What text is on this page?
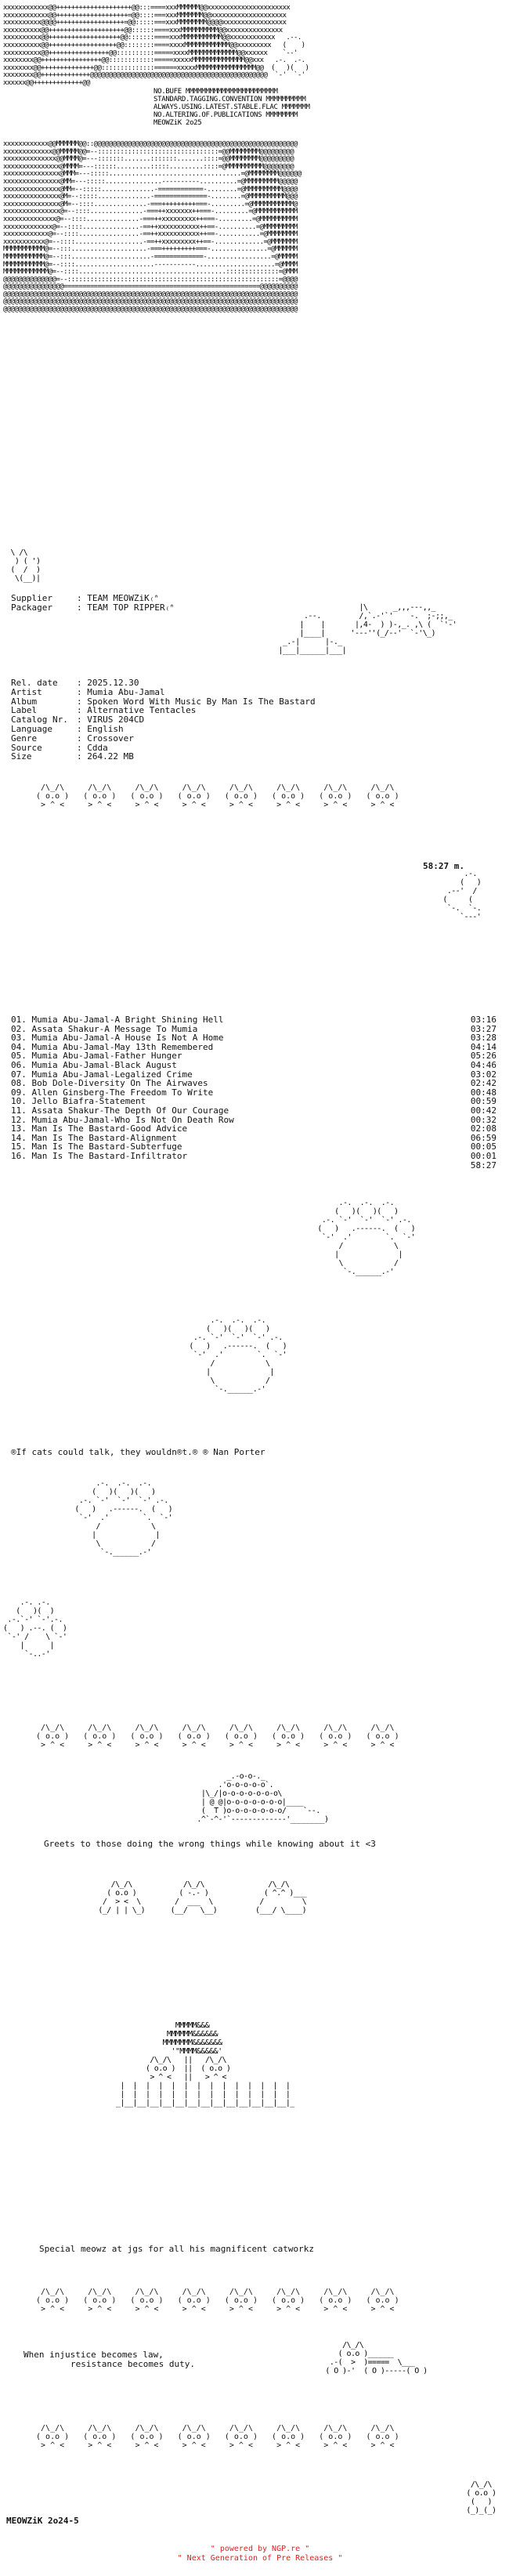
xxxxxxxxxxxx@@++++++++++++++++++++@@:::====xxxMMMMMM@@xxxxxxxxxxxxxxxxxxxxxx
xxxxxxxxxxxx@@+++++++++++++++++++=@@::::===xxxMMMMMMM@@xxxxxxxxxxxxxxxxxxxx
xxxxxxxxxx@@@@++++++++++++++++++=@@:::::===xxxMMMMMMMM@@@@xxxxxxxxxxxxxxxxx
xxxxxxxxxx@@++++++++++++++++++++@@::::::====xxxMMMMMMMMMM@@xxxxxxxxxxxxxxx
xxxxxxxxxx@@+++++++++++++++++++@@:::::::====xxxMMMMMMMMMMM@@xxxxxxxxxxxx   .--.
xxxxxxxxxx@@++++++++++++++++++@@::::::::====xxxxMMMMMMMMMMMM@@xxxxxxxxx   (    )
xxxxxxxxxx@@++++++++++++++++@@::::::::::=====xxxxMMMMMMMMMMMMM@@xxxxxx    `--'
xxxxxxxx@@++++++++++++++++@@::::::::::::=====xxxxxMMMMMMMMMMMMMM@@xxx   .-.  .-.
xxxxxxxx@@++++++++++++++@@::::::::::::::======xxxxxMMMMMMMMMMMMMMMM@@  (   )(   )
xxxxxxxx@@+++++++++++++@@@@@@@@@@@@@@@@@@@@@@@@@@@@@@@@@@@@@@@@@@@@@@@  `-'  `-'
xxxxxx@@+++++++++++++@@
NO.BUFE MMMMMMMMMMMMMMMMMMMMMMM
STANDARD.TAGGING.CONVENTION MMMMMMMMMM
ALWAYS.USING.LATEST.STABLE.FLAC MMMMMMM
NO.ALTERING.OF.PUBLICATIONS MMMMMMMM
MEOWZiK 2o25
xxxxxxxxxxxx@@MMMMMM@@::@@@@@@@@@@@@@@@@@@@@@@@@@@@@@@@@@@@@@@@@@@@@@@@@@@@@@@
xxxxxxxxxxxxx@@MMMMM@@=--::::::::::::::::::::::::::::::::=@@MMMMMMMM@@@@@@@@@
xxxxxxxxxxxxxx@@MMMM@=---:::::::.......:::::::.......::::=@@MMMMMMMM@@@@@@@@@
xxxxxxxxxxxxxxx@MMMM=---::::::.........:::::.........::::=@MMMMMMMMMM@@@@@@@@
xxxxxxxxxxxxxxx@MMM=---:::::...................................=@MMMMMMMM@@@@@@
xxxxxxxxxxxxxxx@MM=---:::::...............----------..........=@MMMMMMMMM@@@@@
xxxxxxxxxxxxxxx@MM=--:::::..............-============-........=@MMMMMMMMMM@@@@
xxxxxxxxxxxxxxx@M=--:::::..............-==============-........=@MMMMMMMMMM@@@
xxxxxxxxxxxxxxx@M=--::::..............-===+++++++++===-.........=@MMMMMMMMMMM@
xxxxxxxxxxxxxxx@=--::::..............-===++xxxxxxx++===-.........=@MMMMMMMMMMM
xxxxxxxxxxxxxx@=--::::..............-===++xxxxxxxxx++===-.........=@MMMMMMMMMM
xxxxxxxxxxxxx@=--::::...............-==++xxxxxxxxxxx++==-..........=@MMMMMMMMM
xxxxxxxxxxxx@=--::::................-==++xxxxxxxxxxx++==-...........=@MMMMMMMM
xxxxxxxxxxx@=--::::..................-==++xxxxxxxxx++==-.............=@MMMMMMM
MMMMMMMMMMM@=--:::....................-===+++++++++===-...............=@MMMMMM
MMMMMMMMMMM@=--:::.....................-=============-.................=@MMMMM
MMMMMMMMMMM@=--::::.....................-----------.....................=@MMMM
MMMMMMMMMMMM@=--::::.......................................::::::::::::::=@MMM
@@@@@@@@@@@@@@=--::::::::::::::::::::::::::::::::::::::::::::::::::::::::=@@@@
@@@@@@@@@@@@@@@@====================================================@@@@@@@@@@
@@@@@@@@@@@@@@@@@@@@@@@@@@@@@@@@@@@@@@@@@@@@@@@@@@@@@@@@@@@@@@@@@@@@@@@@@@@@@@
@@@@@@@@@@@@@@@@@@@@@@@@@@@@@@@@@@@@@@@@@@@@@@@@@@@@@@@@@@@@@@@@@@@@@@@@@@@@@@
@@@@@@@@@@@@@@@@@@@@@@@@@@@@@@@@@@@@@@@@@@@@@@@@@@@@@@@@@@@@@@@@@@@@@@@@@@@@@@
\ /\
) ( ')
(  /  )
\(__)|
Supplier	: TEAM MEOWZiK₍ᐢ
Packager	: TEAM TOP RIPPER₍ᐢ	|\      _,,,---,,_
.--.         /,`.-'`'    -.  ;-;;,_
|    |       |,4-  ) )-,_. ,\ (  `'-'
|____|      '---''(_/--'  `-'\_)
_.-|      |-._
|___|______|___|
Rel. date	: 2025.12.30
Artist	: Mumia Abu-Jamal
Album	: Spoken Word With Music By Man Is The Bastard
Label	: Alternative Tentacles
Catalog Nr.	: VIRUS 204CD
Language	: English
Genre	: Crossover
Source	: Cdda
Size	: 264.22 MB
/\_/\     /\_/\     /\_/\     /\_/\     /\_/\     /\_/\     /\_/\     /\_/\
( o.o )   ( o.o )   ( o.o )   ( o.o )   ( o.o )   ( o.o )   ( o.o )   ( o.o )
> ^ <     > ^ <     > ^ <     > ^ <     > ^ <     > ^ <     > ^ <     > ^ <
58:27 m.
.-.
(   )
.--'  /
(     (
`-.  `-.
`---'
01. Mumia Abu-Jamal-A Bright Shining Hell	03:16
02. Assata Shakur-A Message To Mumia	03:27
03. Mumia Abu-Jamal-A House Is Not A Home	03:28
04. Mumia Abu-Jamal-May 13th Remembered	04:14
05. Mumia Abu-Jamal-Father Hunger	05:26
06. Mumia Abu-Jamal-Black August	04:46
07. Mumia Abu-Jamal-Legalized Crime	03:02
08. Bob Dole-Diversity On The Airwaves	02:42
09. Allen Ginsberg-The Freedom To Write	00:48
10. Jello Biafra-Statement	00:59
11. Assata Shakur-The Depth Of Our Courage	00:42
12. Mumia Abu-Jamal-Who Is Not On Death Row	00:32
13. Man Is The Bastard-Good Advice	02:08
14. Man Is The Bastard-Alignment	06:59
15. Man Is The Bastard-Subterfuge	00:05
16. Man Is The Bastard-Infiltrator	00:01
58:27
.-.  .-.  .-.
(   )(   )(   )
.-. `-'  `-'  `-' .-.
(   )   .------.  (   )
`-'  .'        `.  `-'
/            \
|              |
\            /
`-.______.-'
.-.  .-.  .-.
(   )(   )(   )
.-. `-'  `-'  `-' .-.
(   )   .------.  (   )
`-'  .'        `.  `-'
/            \
|              |
\            /
`-.______.-'
®If cats could talk, they wouldn®t.® ® Nan Porter
.-.  .-.  .-.
(   )(   )(   )
.-. `-'  `-'  `-' .-.
(   )   .------.  (   )
`-'  .'        `.  `-'
/            \
|              |
\            /
`-.______.-'
.-. .-.
(   )(  )
.-.`-' `-'.-.
(   ) .--. (  )
`-' /    \ `-'
|      |
`-..-'
/\_/\     /\_/\     /\_/\     /\_/\     /\_/\     /\_/\     /\_/\     /\_/\
( o.o )   ( o.o )   ( o.o )   ( o.o )   ( o.o )   ( o.o )   ( o.o )   ( o.o )
> ^ <     > ^ <     > ^ <     > ^ <     > ^ <     > ^ <     > ^ <     > ^ <
_.-o-o-._
.'o-o-o-o-o`.
|\_/|o-o-o-o-o-o-o\
| @ @|o-o-o-o-o-o-o|____
(  T )o-o-o-o-o-o-o/    `--.
.^`-^-'`-------------'________)
Greets to those doing the wrong things while knowing about it <3
/\_/\            /\_/\               /\_/\
( o.o )          ( -.- )             ( ^.^ )___
/  > <  \        /  ___  \           /         \
(_/ | | \_)      (__/   \__)         (___/ \____)
MMMMM&&&
MMMMMM&&&&&&
MMMMMMM&&&&&&&
'"MMMM&&&&&'
/\_/\   ||   /\_/\
( o.o )  ||  ( o.o )
> ^ <   ||   > ^ <
|  |  |  |  |  |  |  |  |  |  |  |  |  |
|  |  |  |  |  |  |  |  |  |  |  |  |  |
_|__|__|__|__|__|__|__|__|__|__|__|__|__|_
Special meowz at jgs for all his magnificent catworkz
/\_/\     /\_/\     /\_/\     /\_/\     /\_/\     /\_/\     /\_/\     /\_/\
( o.o )   ( o.o )   ( o.o )   ( o.o )   ( o.o )   ( o.o )   ( o.o )   ( o.o )
> ^ <     > ^ <     > ^ <     > ^ <     > ^ <     > ^ <     > ^ <     > ^ <
When injustice becomes law,
resistance becomes duty.
/\_/\
( o.o )______
.-(  >  )=====  \___
( O )-'  ( O )-----( O )
/\_/\     /\_/\     /\_/\     /\_/\     /\_/\     /\_/\     /\_/\     /\_/\
( o.o )   ( o.o )   ( o.o )   ( o.o )   ( o.o )   ( o.o )   ( o.o )   ( o.o )
> ^ <     > ^ <     > ^ <     > ^ <     > ^ <     > ^ <     > ^ <     > ^ <
/\_/\
( o.o )
(   )
(_)_(_)
MEOWZiK 2o24-5
" powered by NGP.re "
" Next Generation of Pre Releases "
